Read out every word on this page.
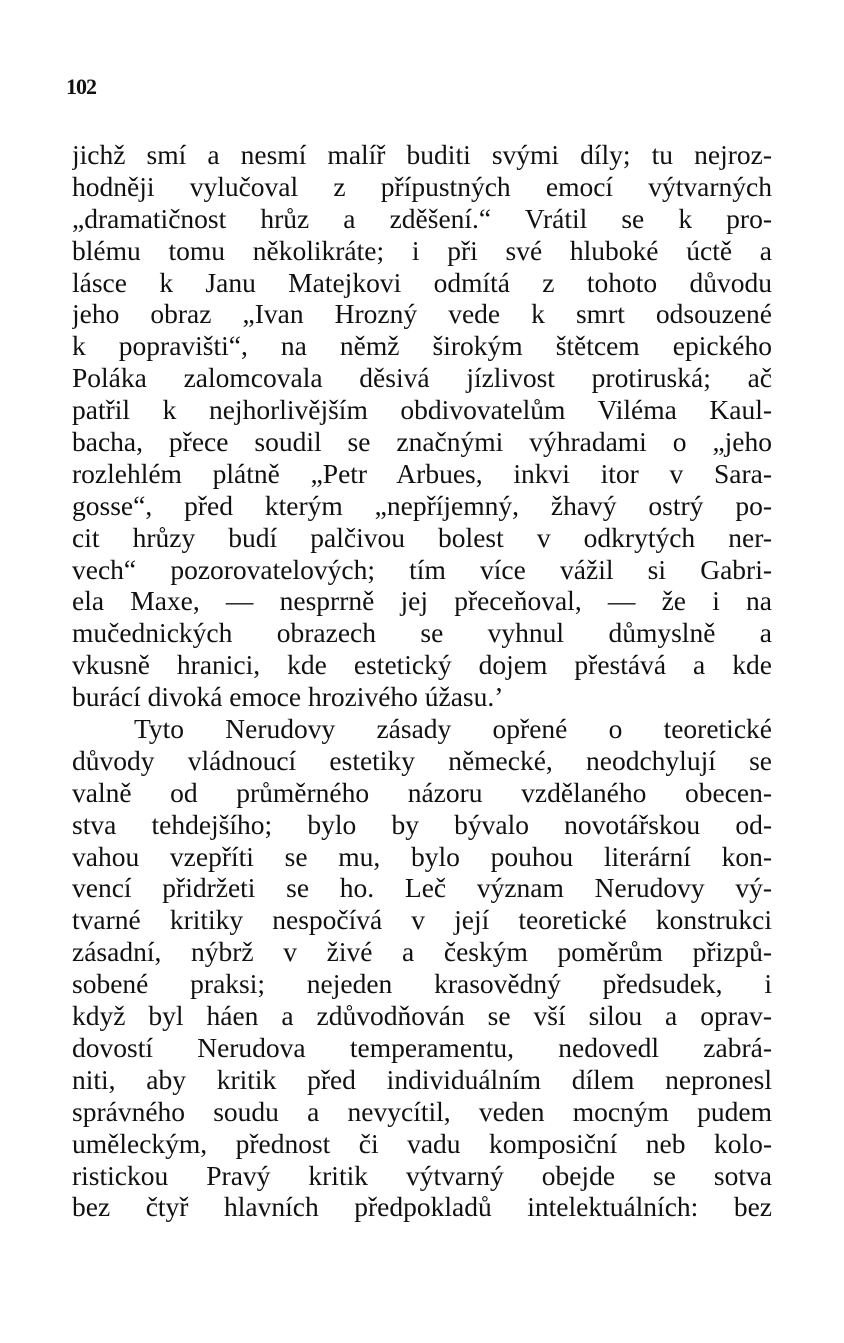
102
jichž smí a nesmí malíř buditi svými díly; tu nejroz-
hodněji vylučoval z přípustných emocí výtvarných
„dramatičnost hrůz a zděšení.“ Vrátil se k pro-
blému tomu několikráte; i při své hluboké úctě a
lásce k Janu Matejkovi odmítá z tohoto důvodu
jeho obraz „Ivan Hrozný vede k smrt odsouzené
k popravišti“, na němž širokým štětcem epického
Poláka zalomcovala děsivá jízlivost protiruská; ač
patřil k nejhorlivějším obdivovatelům Viléma Kaul-
bacha, přece soudil se značnými výhradami o „jeho
rozlehlém plátně „Petr Arbues, inkvi itor v Sara-
gosse“, před kterým „nepříjemný, žhavý ostrý po-
cit hrůzy budí palčivou bolest v odkrytých ner-
vech“ pozorovatelových; tím více vážil si Gabri-
ela Maxe, — nesprrně jej přeceňoval, — že i na
mučednických obrazech se vyhnul důmyslně a
vkusně hranici, kde estetický dojem přestává a kde
burácí divoká emoce hrozivého úžasu.’
Tyto Nerudovy zásady opřené o teoretické
důvody vládnoucí estetiky německé, neodchylují se
valně od průměrného názoru vzdělaného obecen-
stva tehdejšího; bylo by bývalo novotářskou od-
vahou vzepříti se mu, bylo pouhou literární kon-
vencí přidržeti se ho. Leč význam Nerudovy vý-
tvarné kritiky nespočívá v její teoretické konstrukci
zásadní, nýbrž v živé a českým poměrům přizpů-
sobené praksi; nejeden krasovědný předsudek, i
když byl háen a zdůvodňován se vší silou a oprav-
dovostí Nerudova temperamentu, nedovedl zabrá-
niti, aby kritik před individuálním dílem nepronesl
správného soudu a nevycítil, veden mocným pudem
uměleckým, přednost či vadu komposiční neb kolo-
ristickou Pravý kritik výtvarný obejde se sotva
bez čtyř hlavních předpokladů intelektuálních: bez
